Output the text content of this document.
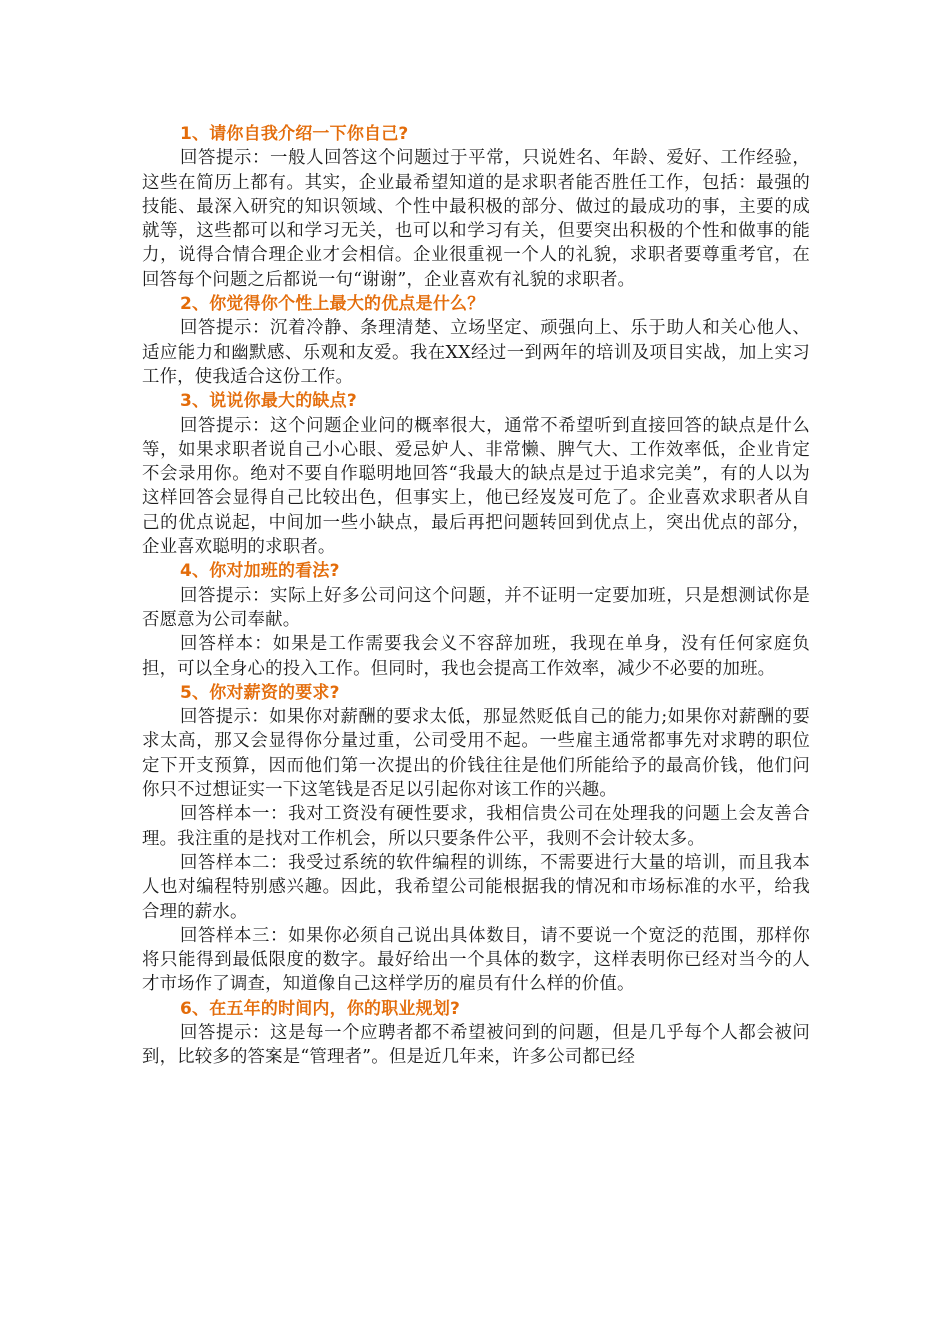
1、请你自我介绍一下你自己?

回答提示：一般人回答这个问题过于平常，只说姓名、年龄、爱好、工作经验，这些在简历上都有。其实，企业最希望知道的是求职者能否胜任工作，包括：最强的技能、最深入研究的知识领域、个性中最积极的部分、做过的最成功的事，主要的成就等，这些都可以和学习无关，也可以和学习有关，但要突出积极的个性和做事的能力，说得合情合理企业才会相信。企业很重视一个人的礼貌，求职者要尊重考官，在回答每个问题之后都说一句“谢谢”，企业喜欢有礼貌的求职者。

2、你觉得你个性上最大的优点是什么？

回答提示：沉着冷静、条理清楚、立场坚定、顽强向上、乐于助人和关心他人、适应能力和幽默感、乐观和友爱。我在XX经过一到两年的培训及项目实战，加上实习工作，使我适合这份工作。

3、说说你最大的缺点?

回答提示：这个问题企业问的概率很大，通常不希望听到直接回答的缺点是什么等，如果求职者说自己小心眼、爱忌妒人、非常懒、脾气大、工作效率低，企业肯定不会录用你。绝对不要自作聪明地回答“我最大的缺点是过于追求完美”，有的人以为这样回答会显得自己比较出色，但事实上，他已经岌岌可危了。企业喜欢求职者从自己的优点说起，中间加一些小缺点，最后再把问题转回到优点上，突出优点的部分，企业喜欢聪明的求职者。

4、你对加班的看法?

回答提示：实际上好多公司问这个问题，并不证明一定要加班，只是想测试你是否愿意为公司奉献。

回答样本：如果是工作需要我会义不容辞加班，我现在单身，没有任何家庭负担，可以全身心的投入工作。但同时，我也会提高工作效率，减少不必要的加班。

5、你对薪资的要求?

回答提示：如果你对薪酬的要求太低，那显然贬低自己的能力;如果你对薪酬的要求太高，那又会显得你分量过重，公司受用不起。一些雇主通常都事先对求聘的职位定下开支预算，因而他们第一次提出的价钱往往是他们所能给予的最高价钱，他们问你只不过想证实一下这笔钱是否足以引起你对该工作的兴趣。

回答样本一：我对工资没有硬性要求，我相信贵公司在处理我的问题上会友善合理。我注重的是找对工作机会，所以只要条件公平，我则不会计较太多。

回答样本二：我受过系统的软件编程的训练，不需要进行大量的培训，而且我本人也对编程特别感兴趣。因此，我希望公司能根据我的情况和市场标准的水平，给我合理的薪水。

回答样本三：如果你必须自己说出具体数目，请不要说一个宽泛的范围，那样你将只能得到最低限度的数字。最好给出一个具体的数字，这样表明你已经对当今的人才市场作了调查，知道像自己这样学历的雇员有什么样的价值。

6、在五年的时间内，你的职业规划?

回答提示：这是每一个应聘者都不希望被问到的问题，但是几乎每个人都会被问到，比较多的答案是“管理者”。但是近几年来，许多公司都已经
